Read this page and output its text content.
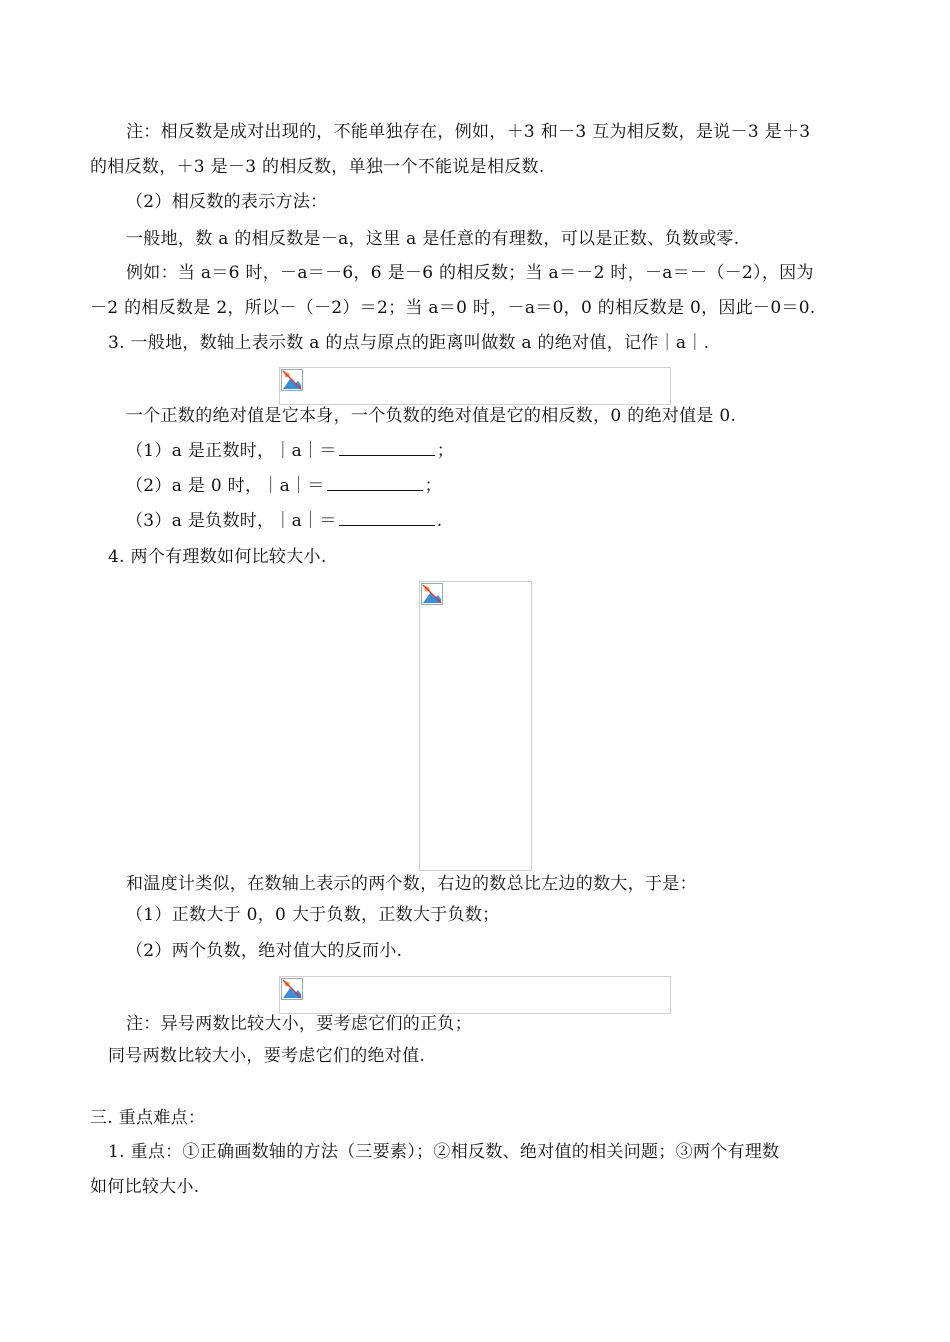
注：相反数是成对出现的，不能单独存在，例如，＋3 和－3 互为相反数，是说－3 是＋3
的相反数，＋3 是－3 的相反数，单独一个不能说是相反数.
（2）相反数的表示方法：
一般地，数 a 的相反数是－a，这里 a 是任意的有理数，可以是正数、负数或零.
例如：当 a＝6 时，－a＝－6，6 是－6 的相反数；当 a＝－2 时，－a＝－（－2），因为
－2 的相反数是 2，所以－（－2）＝2；当 a＝0 时，－a＝0，0 的相反数是 0，因此－0＝0.
3. 一般地，数轴上表示数 a 的点与原点的距离叫做数 a 的绝对值，记作｜a｜.
一个正数的绝对值是它本身，一个负数的绝对值是它的相反数，0 的绝对值是 0.
（1）a 是正数时，｜a｜＝	；
（2）a 是 0 时，｜a｜＝	；
（3）a 是负数时，｜a｜＝	.
4. 两个有理数如何比较大小.
和温度计类似，在数轴上表示的两个数，右边的数总比左边的数大，于是：
（1）正数大于 0，0 大于负数，正数大于负数；
（2）两个负数，绝对值大的反而小.
注：异号两数比较大小，要考虑它们的正负；
同号两数比较大小，要考虑它们的绝对值.
三. 重点难点：
1. 重点：①正确画数轴的方法（三要素）；②相反数、绝对值的相关问题；③两个有理数
如何比较大小.
